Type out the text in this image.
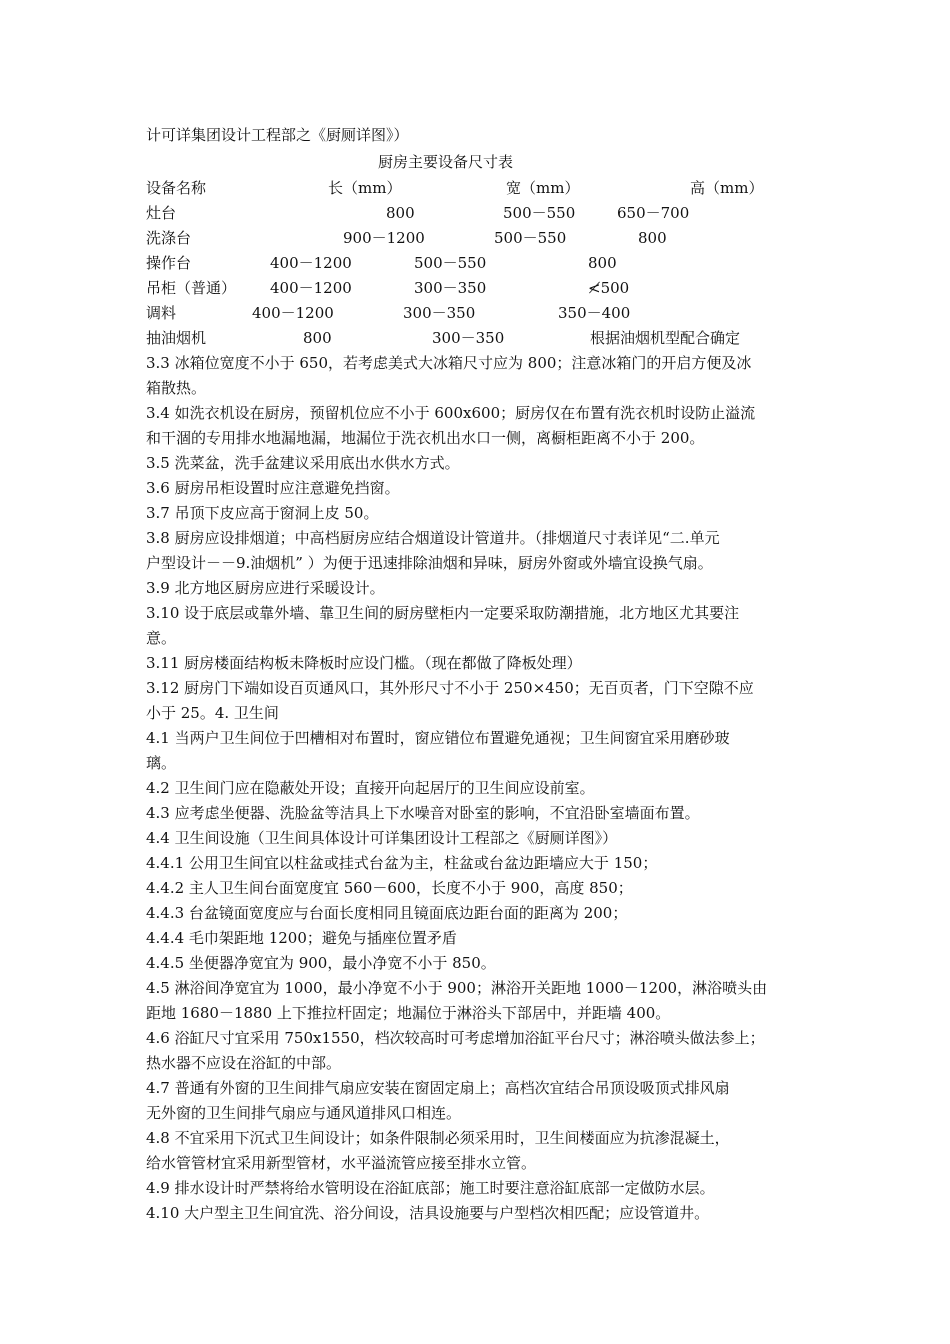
计可详集团设计工程部之《厨厕详图》）
厨房主要设备尺寸表
设备名称	长（mm）	宽（mm）	高（mm）
灶台	800	500－550	650－700
洗涤台	900－1200	500－550	800
操作台	400－1200	500－550	800
吊柜（普通） 400－1200	300－350	≮500
调料	400－1200	300－350	350－400
抽油烟机	800	300－350	根据油烟机型配合确定
3.3 冰箱位宽度不小于 650，若考虑美式大冰箱尺寸应为 800；注意冰箱门的开启方便及冰
箱散热。
3.4 如洗衣机设在厨房，预留机位应不小于 600x600；厨房仅在布置有洗衣机时设防止溢流
和干涸的专用排水地漏地漏，地漏位于洗衣机出水口一侧，离橱柜距离不小于 200。
3.5 洗菜盆，洗手盆建议采用底出水供水方式。
3.6 厨房吊柜设置时应注意避免挡窗。
3.7 吊顶下皮应高于窗洞上皮 50。
3.8 厨房应设排烟道；中高档厨房应结合烟道设计管道井。（排烟道尺寸表详见“二.单元
户型设计－－9.油烟机” ）为便于迅速排除油烟和异味，厨房外窗或外墙宜设换气扇。
3.9 北方地区厨房应进行采暖设计。
3.10 设于底层或靠外墙、靠卫生间的厨房壁柜内一定要采取防潮措施，北方地区尤其要注
意。
3.11 厨房楼面结构板未降板时应设门槛。（现在都做了降板处理）
3.12 厨房门下端如设百页通风口，其外形尺寸不小于 250×450；无百页者，门下空隙不应
小于 25。4. 卫生间
4.1 当两户卫生间位于凹槽相对布置时，窗应错位布置避免通视；卫生间窗宜采用磨砂玻
璃。
4.2 卫生间门应在隐蔽处开设；直接开向起居厅的卫生间应设前室。
4.3 应考虑坐便器、洗脸盆等洁具上下水噪音对卧室的影响，不宜沿卧室墙面布置。
4.4 卫生间设施（卫生间具体设计可详集团设计工程部之《厨厕详图》）
4.4.1 公用卫生间宜以柱盆或挂式台盆为主，柱盆或台盆边距墙应大于 150；
4.4.2 主人卫生间台面宽度宜 560－600，长度不小于 900，高度 850；
4.4.3 台盆镜面宽度应与台面长度相同且镜面底边距台面的距离为 200；
4.4.4 毛巾架距地 1200；避免与插座位置矛盾
4.4.5 坐便器净宽宜为 900，最小净宽不小于 850。
4.5 淋浴间净宽宜为 1000，最小净宽不小于 900；淋浴开关距地 1000－1200，淋浴喷头由
距地 1680－1880 上下推拉杆固定；地漏位于淋浴头下部居中，并距墙 400。
4.6 浴缸尺寸宜采用 750x1550，档次较高时可考虑增加浴缸平台尺寸；淋浴喷头做法参上；
热水器不应设在浴缸的中部。
4.7 普通有外窗的卫生间排气扇应安装在窗固定扇上；高档次宜结合吊顶设吸顶式排风扇
无外窗的卫生间排气扇应与通风道排风口相连。
4.8 不宜采用下沉式卫生间设计；如条件限制必须采用时，卫生间楼面应为抗渗混凝土，
给水管管材宜采用新型管材，水平溢流管应接至排水立管。
4.9 排水设计时严禁将给水管明设在浴缸底部；施工时要注意浴缸底部一定做防水层。
4.10 大户型主卫生间宜洗、浴分间设，洁具设施要与户型档次相匹配；应设管道井。
